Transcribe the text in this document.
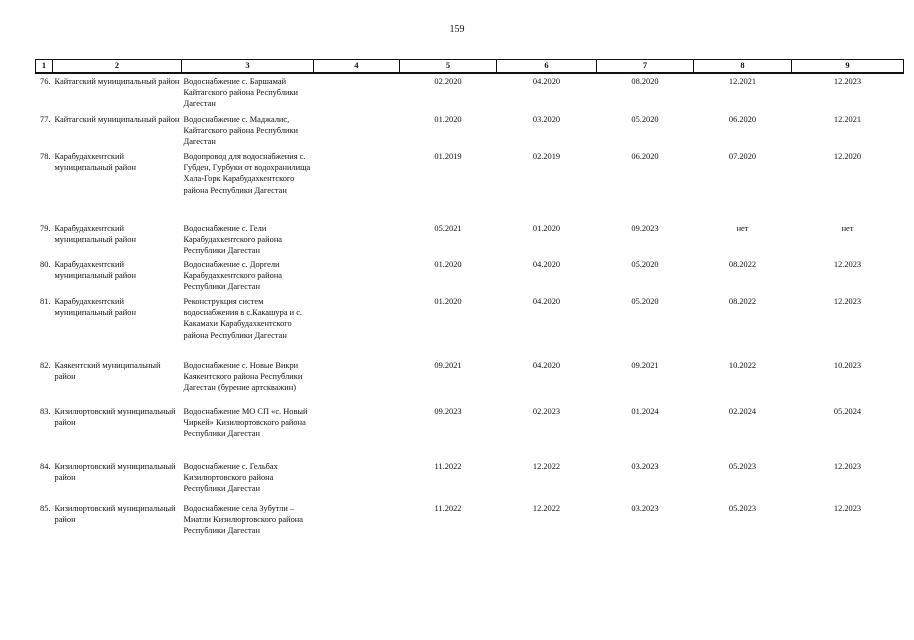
159
1	2	3	4	5	6	7	8	9
76.	Кайтагский муниципальный район	Водоснабжение с. Баршамай Кайтагского района Республики Дагестан		02.2020	04.2020	08.2020	12.2021	12.2023
77.	Кайтагский муниципальный район	Водоснабжение с. Маджалис, Кайтагского района Республики Дагестан		01.2020	03.2020	05.2020	06.2020	12.2021
78.	Карабудахкентский муниципальный район	Водопровод для водоснабжения с. Губден, Гурбуки от водохранилища Хала-Горк Карабудахкентского района Республики Дагестан		01.2019	02.2019	06.2020	07.2020	12.2020
79.	Карабудахкентский муниципальный район	Водоснабжение с. Гели Карабудахкентского района Республики Дагестан		05.2021	01.2020	09.2023	нет	нет
80.	Карабудахкентский муниципальный район	Водоснабжение с. Доргели Карабудахкентского района Республики Дагестан		01.2020	04.2020	05.2020	08.2022	12.2023
81.	Карабудахкентский муниципальный район	Реконструкция систем водоснабжения в с.Какашура и с. Какамахи Карабудахкентского района Республики Дагестан		01.2020	04.2020	05.2020	08.2022	12.2023
82.	Каякентский муниципальный район	Водоснабжение с. Новые Викри Каякентского района Республики Дагестан (бурение артскважин)		09.2021	04.2020	09.2021	10.2022	10.2023
83.	Кизилюртовский муниципальный район	Водоснабжение МО СП «с. Новый Чиркей» Кизилюртовского района Республики Дагестан		09.2023	02.2023	01.2024	02.2024	05.2024
84.	Кизилюртовский муниципальный район	Водоснабжение с. Гельбах Кизилюртовского района Республики Дагестан		11.2022	12.2022	03.2023	05.2023	12.2023
85.	Кизилюртовский муниципальный район	Водоснабжение села Зубутли – Миатли Кизилюртовского района Республики Дагестан		11.2022	12.2022	03.2023	05.2023	12.2023
